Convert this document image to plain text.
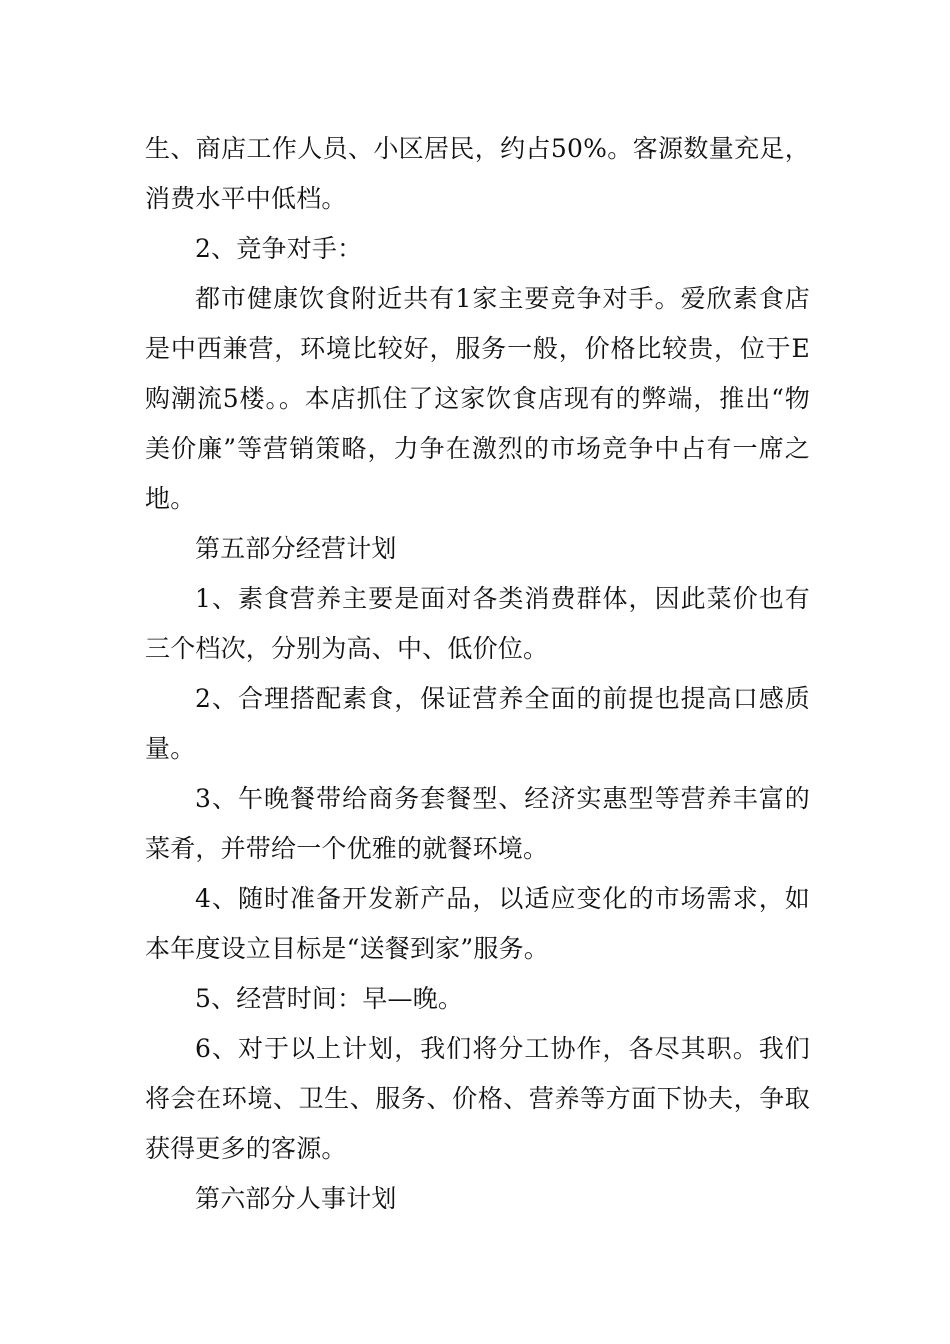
生、商店工作人员、小区居民，约占50%。客源数量充足，消费水平中低档。

2、竞争对手：

都市健康饮食附近共有1家主要竞争对手。爱欣素食店是中西兼营，环境比较好，服务一般，价格比较贵，位于E购潮流5楼。。本店抓住了这家饮食店现有的弊端，推出“物美价廉”等营销策略，力争在激烈的市场竞争中占有一席之地。

第五部分经营计划

1、素食营养主要是面对各类消费群体，因此菜价也有三个档次，分别为高、中、低价位。

2、合理搭配素食，保证营养全面的前提也提高口感质量。

3、午晚餐带给商务套餐型、经济实惠型等营养丰富的菜肴，并带给一个优雅的就餐环境。

4、随时准备开发新产品，以适应变化的市场需求，如本年度设立目标是“送餐到家”服务。

5、经营时间：早—晚。

6、对于以上计划，我们将分工协作，各尽其职。我们将会在环境、卫生、服务、价格、营养等方面下协夫，争取获得更多的客源。

第六部分人事计划
